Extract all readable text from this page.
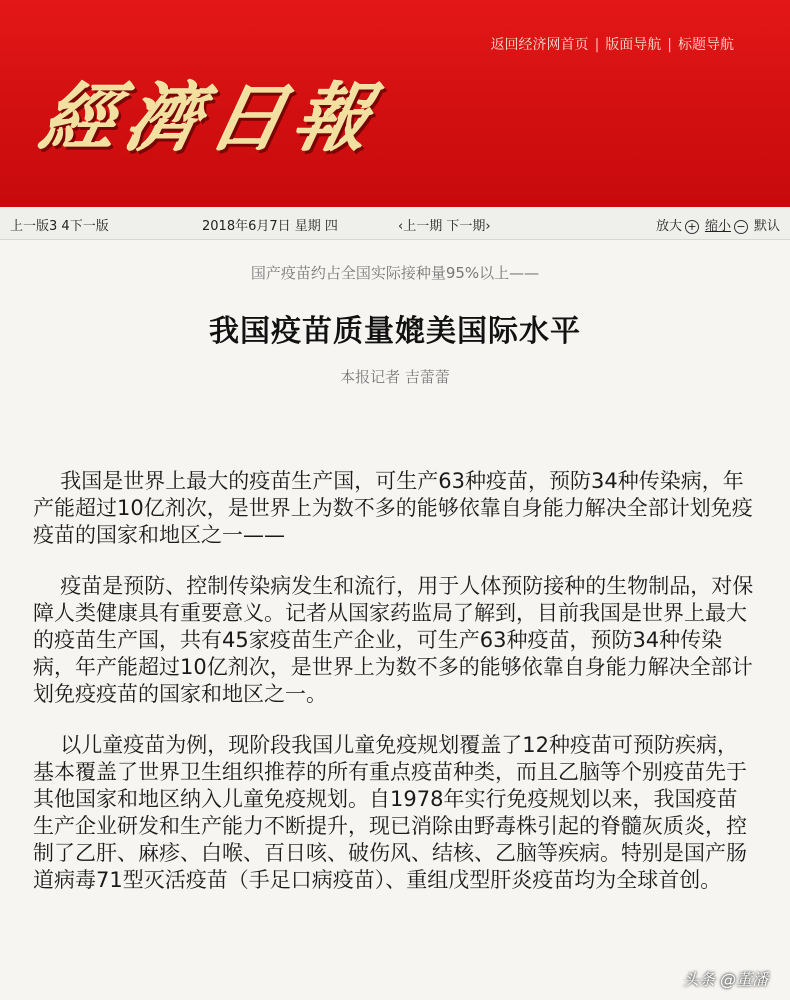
返回经济网首页 | 版面导航 | 标题导航
經濟日報
上一版3 4下一版	2018年6月7日 星期 四	‹上一期 下一期›	放大 + 缩小 − 默认
国产疫苗约占全国实际接种量95%以上——
我国疫苗质量媲美国际水平
本报记者 吉蕾蕾

我国是世界上最大的疫苗生产国，可生产63种疫苗，预防34种传染病，年产能超过10亿剂次，是世界上为数不多的能够依靠自身能力解决全部计划免疫疫苗的国家和地区之一——

疫苗是预防、控制传染病发生和流行，用于人体预防接种的生物制品，对保障人类健康具有重要意义。记者从国家药监局了解到，目前我国是世界上最大的疫苗生产国，共有45家疫苗生产企业，可生产63种疫苗，预防34种传染病，年产能超过10亿剂次，是世界上为数不多的能够依靠自身能力解决全部计划免疫疫苗的国家和地区之一。

以儿童疫苗为例，现阶段我国儿童免疫规划覆盖了12种疫苗可预防疾病，基本覆盖了世界卫生组织推荐的所有重点疫苗种类，而且乙脑等个别疫苗先于其他国家和地区纳入儿童免疫规划。自1978年实行免疫规划以来，我国疫苗生产企业研发和生产能力不断提升，现已消除由野毒株引起的脊髓灰质炎，控制了乙肝、麻疹、白喉、百日咳、破伤风、结核、乙脑等疾病。特别是国产肠道病毒71型灭活疫苗（手足口病疫苗）、重组戊型肝炎疫苗均为全球首创。

头条 @董潘
